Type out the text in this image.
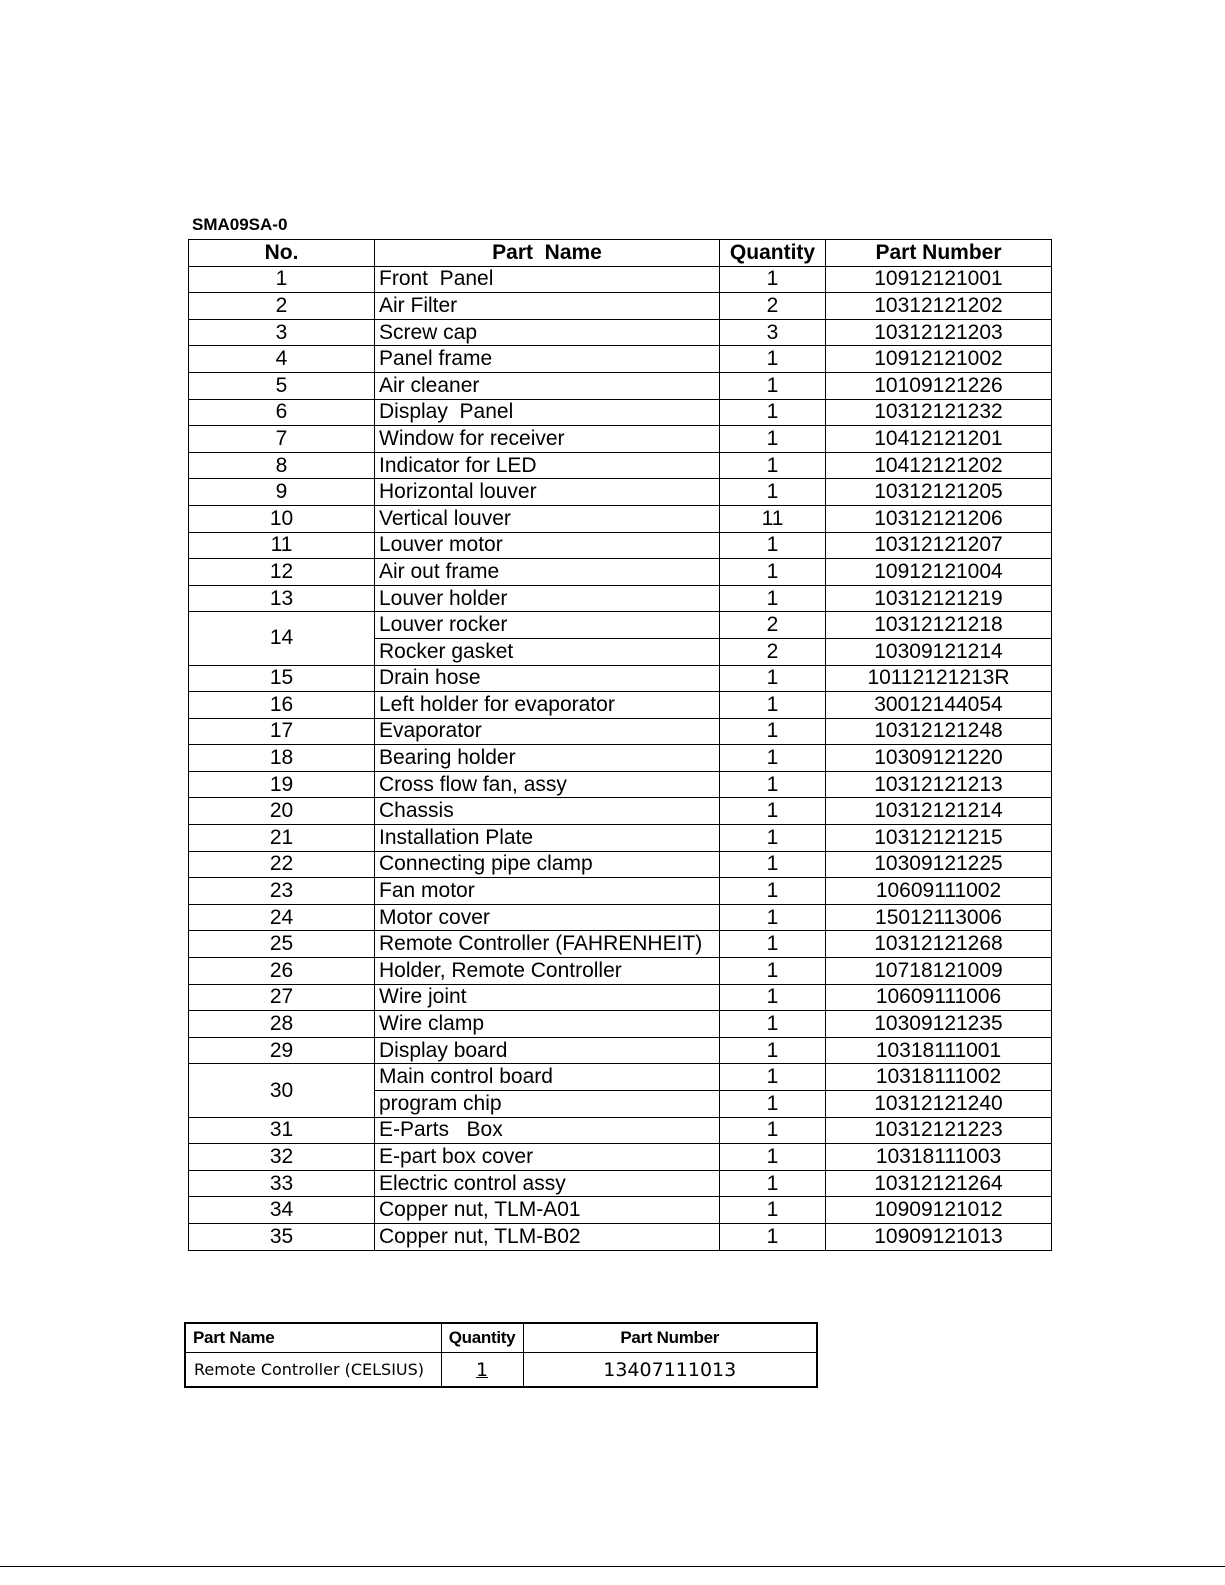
SMA09SA-0
No.	Part  Name	Quantity	Part Number
1	Front  Panel	1	10912121001
2	Air Filter	2	10312121202
3	Screw cap	3	10312121203
4	Panel frame	1	10912121002
5	Air cleaner	1	10109121226
6	Display  Panel	1	10312121232
7	Window for receiver	1	10412121201
8	Indicator for LED	1	10412121202
9	Horizontal louver	1	10312121205
10	Vertical louver	11	10312121206
11	Louver motor	1	10312121207
12	Air out frame	1	10912121004
13	Louver holder	1	10312121219
14	Louver rocker	2	10312121218
	Rocker gasket	2	10309121214
15	Drain hose	1	10112121213R
16	Left holder for evaporator	1	30012144054
17	Evaporator	1	10312121248
18	Bearing holder	1	10309121220
19	Cross flow fan, assy	1	10312121213
20	Chassis	1	10312121214
21	Installation Plate	1	10312121215
22	Connecting pipe clamp	1	10309121225
23	Fan motor	1	10609111002
24	Motor cover	1	15012113006
25	Remote Controller (FAHRENHEIT)	1	10312121268
26	Holder, Remote Controller	1	10718121009
27	Wire joint	1	10609111006
28	Wire clamp	1	10309121235
29	Display board	1	10318111001
30	Main control board	1	10318111002
	program chip	1	10312121240
31	E-Parts   Box	1	10312121223
32	E-part box cover	1	10318111003
33	Electric control assy	1	10312121264
34	Copper nut, TLM-A01	1	10909121012
35	Copper nut, TLM-B02	1	10909121013
Part Name	Quantity	Part Number
Remote Controller (CELSIUS)	1	13407111013
